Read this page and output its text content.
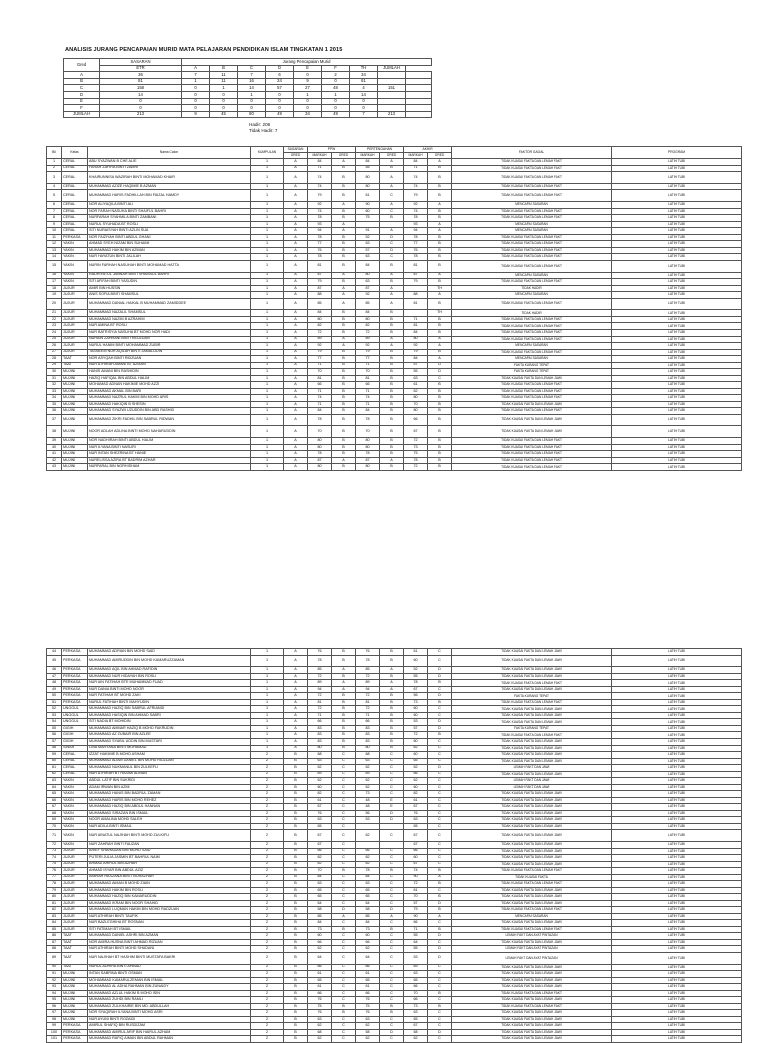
ANALISIS JURANG PENCAPAIAN MURID MATA PELAJARAN PENDIDIKAN ISLAM TINGKATAN 1 2015
Gred	SASARAN	Jurang Pencapaian Murid								
	ETR	A	B	C	D	E	F	TH	JUMLAH	
A	36	7	11	7	6	0	2	34		
B	81	1	11	16	24	9	0	61		
C	158	0	1	14	57	27	48	4	151	
D	14	0	0	1	0	1	1	14		
E	0	0	0	0	0	0	0	0		
F	0	0	0	0	0	0	0	0		
JUMLAH	213	9	45	80	49	34	49	7	213	
Hadir: 206
Tidak Hadir: 7
Bil	Kelas	Nama Calon	KUMPULAN	SASARAN	PPW		PERTENGAHAN		AKHIR		FAKTOR GAGAL	PROGRAM
				GRED	MARKAH	GRED	MARKAH	GRED	MARKAH	GRED		
1	CERAL	ABU SYAZWAN B CHE ALIE	1	A	84	A	84	A	84	A	TIDAK KUASAI FAKTA DAN LEMAH FAKT	LATIH TUBI
2	CERAL	FARAH ZAFIRA BINTI ZAMRI	1	A	71	B	55	B	71	B	TIDAK KUASAI FAKTA DAN LEMAH FAKT	LATIH TUBI
3	CERAL	KHAIRUNNISA WAZIRAH BINTI MOHAMAD KHAIR	1	A	74	B	80	A	74	B	TIDAK KUASAI FAKTA DAN LEMAH FAKT	LATIH TUBI
4	CERAL	MUHAMMAD AZIZE HAQIMIE B AZMAN	1	A	74	B	80	A	74	B	TIDAK KUASAI FAKTA DAN LEMAH FAKT	LATIH TUBI
5	CERAL	MUHAMMAD HARIS FADHILLAH BIN FAIZAL HAMDY	1	A	79	B	61	C	79	B	TIDAK KUASAI FAKTA DAN LEMAH FAKT	LATIH TUBI
6	CERAL	NOR ALIYAQILA BINTI ALI	1	A	92	A	90	A	92	A	MENCAPAI SASARAN	LATIH TUBI
7	CERAL	NOR FARAH NASUHA BINTI SHAIFUL BAHRI	1	A	74	B	60	C	74	B	TIDAK KUASAI FAKTA DAN LEMAH FAKT	LATIH TUBI
8	CERAL	NURFARAH SYAHMILA BINTI ZAMBANI	1	A	78	B	75	B	78	B	TIDAK KUASAI FAKTA DAN LEMAH FAKT	LATIH TUBI
9	CERAL	NURUL SYUHADA BT ROSLI	1	A	93	A			93	A	MENCAPAI SASARAN	LATIH TUBI
10	CERAL	SITI NURAISYAH BINTI AZLIN SUA	1	A	94	A	91	A	94	A	MENCAPAI SASARAN	LATIH TUBI
11	PERKASA	NOR FAIZIYAH BINTI ABDUL GHANI	1	A	78	B	52	D	78	B	TIDAK KUASAI FAKTA DAN LEMAH FAKT	LATIH TUBI
12	YAKIN	AHMAD SYEH NIZAM BIN SUHAIMI	1	A	77	B	63	C	77	B	TIDAK KUASAI FAKTA DAN LEMAH FAKT	LATIH TUBI
13	YAKIN	MUHAMMAD HAKIM BIN AZMAN	1	A	76	B	57	D	76	B	TIDAK KUASAI FAKTA DAN LEMAH FAKT	LATIH TUBI
14	YAKIN	NUR HAYATUN BINTI JALILAH	1	A	78	B	63	C	78	B	TIDAK KUASAI FAKTA DAN LEMAH FAKT	LATIH TUBI
15	YAKIN	NURIN FARHAH NASUHAH BINTI MOHAMAD HATTA	1	A	81	B	84	B	81	B	TIDAK KUASAI FAKTA DAN LEMAH FAKT	LATIH TUBI
16	YAKIN	RADHIYATUL JANNAH BINTI SHAMSUL BAHRI	1	A	87	A	80	A	87	A	MENCAPAI SASARAN	LATIH TUBI
17	YAKIN	SITI AFIFAH BINTI YASUDIN	1	A	79	B	63	B	79	B	TIDAK KUASAI FAKTA DAN LEMAH FAKT	LATIH TUBI
18	JUJUR	AMIR BIN HUSSIN	1	A	87	A	87	A		TH	TIDAK HADIR	LATIH TUBI
19	JUJUR	ANIS SOFIA BINTI SHAMSUL	1	A	88	A	92	A	88	A	MENCAPAI SASARAN	LATIH TUBI
20	JUJUR	MUHAMMAD DANIAL HAIKAL B MUHAMMAD ZAMIDDEE	1	A	85	A	85	A	81	B	TIDAK KUASAI FAKTA DAN LEMAH FAKT	LATIH TUBI
21	JUJUR	MUHAMMAD NAZALIL SHAMSUL	1	A	84	B	84	B		TH	TIDAK HADIR	LATIH TUBI
22	JUJUR	MUHAMMAD NAZIM B AZRAHIM	1	A	80	B	80	B	71	B	TIDAK KUASAI FAKTA DAN LEMAH FAKT	LATIH TUBI
23	JUJUR	NUR AMINA BT ROSLI	1	A	82	B	82	B	81	B	TIDAK KUASAI FAKTA DAN LEMAH FAKT	LATIH TUBI
24	JUJUR	NUR BATRISYIA NASUHA BT MOHD NOR HADI	1	A	72	B	72	B	84	B	TIDAK KUASAI FAKTA DAN LEMAH FAKT	LATIH TUBI
25	JUJUR	NURAIN ZAHRANI BINTI REDZUAN	1	A	89	A	89	A	80	A	TIDAK KUASAI FAKTA DAN LEMAH FAKT	LATIH TUBI
26	JUJUR	NURUL HANIM BINTI MOHAMMAD ZUBIR	1	A	92	A	92	A	92	A	MENCAPAI SASARAN	LATIH TUBI
27	JUJUR	TASNEEM NUR AQILAH BINTI JAMALUDIN	1	A	79	B	79	B	79	B	TIDAK KUASAI FAKTA DAN LEMAH FAKT	LATIH TUBI
28	TAAT	NOR ASYQAH BINTI RIDZUAN	1	A	77	B	77	B	84	A	MENCAPAI SASARAN	LATIH TUBI
29	TAAT	NUR ATHIRAH AMANI BT AZMAN	1	A	71	B	71	B	57	D	FAKTA KURANG TEPAT	LATIH TUBI
30	MUJINI	HANIS AMANI BIN RASHIDIN	1	A	70	B	70	B	55	D	FAKTA KURANG TEPAT	LATIH TUBI
31	MUJINI	HAZIQ HAFIQAL BIN ABDUL HALIM	1	A	81	B	81	B	63	C	TIDAK KUASAI FAKTA DAN LEMAH JAWI	LATIH TUBI
32	MUJINI	MOHAMAD ADNAN HAKIMIE MOHD AZZI	1	A	66	B	66	B	61	B	TIDAK KUASAI FAKTA DAN LEMAH FAKT	LATIH TUBI
33	MUJINI	MUHAMMAD AKMAL BIN BARI	1	A	71	B	71	B	62	B	TIDAK KUASAI FAKTA DAN LEMAH FAKT	LATIH TUBI
34	MUJINI	MUHAMMAD NAZRUL HAKIM BIN MOHD ARIS	1	A	74	B	74	B	80	B	TIDAK KUASAI FAKTA DAN LEMAH FAKT	LATIH TUBI
35	MUJINI	MUHAMMAD HAKIQIN B SHESIN	1	A	71	B	71	B	70	B	TIDAK KUASAI FAKTA DAN LEMAH JAWI	LATIH TUBI
36	MUJINI	MUHAMMAD SYAZWI UZUDDIN BIN ABD RASHID	1	A	84	B	84	B	80	B	TIDAK KUASAI FAKTA DAN LEMAH FAKT	LATIH TUBI
37	MUJINI	MUHAMMAD ZIKRI FADHIL BIN SABRUL RIDWAN	1	A	78	B	78	B	66	B	TIDAK KUASAI FAKTA DAN LEMAH JAWI	LATIH TUBI
38	MUJINI	NOOR ADLAH ADLINA BINTI MOHD NAHARUDDIN	1	A	70	B	70	B	67	B	TIDAK KUASAI FAKTA DAN LEMAH JAWI	LATIH TUBI
39	MUJINI	NOR NADHIRAH BINTI ABDUL HALIM	1	A	80	B	80	B	72	B	TIDAK KUASAI FAKTA DAN LEMAH FAKT	LATIH TUBI
40	MUJINI	NUR ILYANA BINTI NASURI	1	A	80	B	80	B	73	B	TIDAK KUASAI FAKTA DAN LEMAH FAKT	LATIH TUBI
41	MUJINI	NUR INTAN SHEZRINA BT HANIE	1	A	78	B	78	B	75	B	TIDAK KUASAI FAKTA DAN LEMAH FAKT	LATIH TUBI
42	MUJINI	NURELISSA AZIRA BT BADRIM AZHAR	1	A	87	A	87	A	78	B	TIDAK KUASAI FAKTA DAN LEMAH FAKT	LATIH TUBI
43	MUJINI	NURFARAL BIN NORHISHAM	1	A	80	B	80	B	72	B	TIDAK KUASAI FAKTA DAN LEMAH FAKT	LATIH TUBI
44	PERKASA	MUHAMMAD ADRIAN BIN MOHD SAID	1	A	76	B	76	B	61	C	TIDAK KUASAI FAKTA DAN LEMAH JAWI	LATIH TUBI
45	PERKASA	MUHAMMAD AMIRUDDIN BIN MOHD KAMARUZZAMAN	1	A	78	B	78	B	60	C	TIDAK KUASAI FAKTA DAN LEMAH JAWI	LATIH TUBI
46	PERKASA	MUHAMMAD AQIL BIN AHMAD RAFIDIN	1	A	85	A	85	A	52	D	TIDAK KUASAI FAKTA DAN LEMAH JAWI	LATIH TUBI
47	PERKASA	MUHAMMAD NUR HIDAYAH BIN ROSLI	1	A	72	B	72	B	55	D	TIDAK KUASAI FAKTA DAN LEMAH JAWI	LATIH TUBI
48	PERKASA	NUR AIN FATIHAH BTE MUHAMMAD FUAD	1	A	89	A	89	A	78	B	TIDAK KUASAI FAKTA DAN LEMAH FAKT	LATIH TUBI
49	PERKASA	NUR DANIA BINTI MOHD NOOR	1	A	94	A	94	A	67	C	TIDAK KUASAI FAKTA DAN LEMAH JAWI	LATIH TUBI
50	PERKASA	NUR FATIHAH BT MOHD ZAKI	1	A	72	B	72	B	56	D	FAKTA KURANG TEPAT	LATIH TUBI
51	PERKASA	NURUL FATIHAH BINTI MAHYUDIN	1	A	81	B	81	B	73	B	TIDAK KUASAI FAKTA DAN LEMAH FAKT	LATIH TUBI
52	UNGGUL	MUHAMMAD HAZIQ BIN SABRUL AFRIANDI	1	A	72	B	72	B	60	C	TIDAK KUASAI FAKTA DAN LEMAH JAWI	LATIH TUBI
53	UNGGUL	MUHAMMAD HASIQIN BIN AHMAD SABRI	1	A	71	B	71	B	60	C	TIDAK KUASAI FAKTA DAN LEMAH JAWI	LATIH TUBI
54	UNGGUL	SITI NADIA BT MOHIDIN	1	A	66	B	66	B	53	D	TIDAK KUASAI FAKTA DAN LEMAH JAWI	LATIH TUBI
55	GIGIH	MUHAMMAD AMMAR HAZIQ B MOHD FAKRUDIN	1	A	83	B	83	B	57	D	FAKTA KURANG TEPAT	LATIH TUBI
56	GIGIH	MUHAMMAD AZ ZUBAIR BIN AZLEE	1	A	83	B	83	B	72	B	TIDAK KUASAI FAKTA DAN LEMAH FAKT	LATIH TUBI
57	GIGIH	MUHAMMAD SYABIL UDDIN BIN MUSTARI	1	A	83	B	83	B	60	C	TIDAK KUASAI FAKTA DAN LEMAH JAWI	LATIH TUBI
58	SINAR	LINA MARYANA BINTI MOHAMAD	1	A	80	B	80	B	62	C	TIDAK KUASAI FAKTA DAN LEMAH JAWI	LATIH TUBI
59	CERAL	IZZAT HAKIMIE B MOHD ASHAM	2	B	68	C	68	C	60	C	TIDAK KUASAI FAKTA DAN LEMAH JAWI	LATIH TUBI
60	CERAL	MUHAMMAD ADAM DANIEL BIN MOHD RIDZUAN	2	B	63	C	63	C	65	C	TIDAK KUASAI FAKTA DAN LEMAH JAWI	LATIH TUBI
61	CERAL	MUHAMMAD NUKMANUL BIN ZULKEFLI	2	B	62	C	62	C	52	D	LEMAH FAKT DAN JAWI	LATIH TUBI
62	CERAL	NUR ATHIRAH BT HASIMI ADNAN	2	B	69	C	69	C	66	C	TIDAK KUASAI FAKTA DAN LEMAH JAWI	LATIH TUBI
63	YAKIN	ABDUL LATIF BIN SUKRIDI	2	B	62	C	62	C	62	C	LEMAH FAKT DAN JAWI	LATIH TUBI
64	YAKIN	ADAM IRWAN BIN AZMI	2	B	60	C	62	C	60	C	LEMAH FAKT DAN JAWI	LATIH TUBI
65	YAKIN	MUHAMMAD HANIS BIN BADRUL ZAMAN	2	B	82	C	73	C	82	C	TIDAK KUASAI FAKTA DAN LEMAH JAWI	LATIH TUBI
66	YAKIN	MUHAMMAD HARIS BIN MOHD REHEZ	2	B	61	C	48	E	61	C	TIDAK KUASAI FAKTA DAN LEMAH JAWI	LATIH TUBI
67	YAKIN	MUHAMMAD HAZIQ BIN ABDUL HANNAN	2	B	67	C	48	E	67	C	TIDAK KUASAI FAKTA DAN LEMAH JAWI	LATIH TUBI
68	YAKIN	MUHAMMAD SIRAZAN BIN ISMAIL	2	B	76	C	56	D	76	C	TIDAK KUASAI FAKTA DAN LEMAH JAWI	LATIH TUBI
69	YAKIN	NOOR AMALINA MOHD SALEH	2	B	63	C	53	D	63	C	TIDAK KUASAI FAKTA DAN LEMAH JAWI	LATIH TUBI
70	YAKIN	NUR ADILA BINTI ISMAIL	2	B	65	C			65	C	TIDAK KUASAI FAKTA DAN LEMAH JAWI	LATIH TUBI
71	YAKIN	NUR AINATUL NAJIHAH BINTI MOHD ZULKIFLI	2	B	67	C	62	C	67	C	TIDAK KUASAI FAKTA DAN LEMAH JAWI	LATIH TUBI
72	YAKIN	NUR ZAHRAH BINTI FAUZAN	2	B	67	C			67	C	TIDAK KUASAI FAKTA DAN LEMAH JAWI	LATIH TUBI
73	JUJUR	ARIEF SHAHADAN BIN MOHD SAID	2	B	66	C	66	C	66	C	TIDAK KUASAI FAKTA DAN LEMAH JAWI	LATIH TUBI
74	JUJUR	PUTERI JULIA JASMIN BT BAHRUL NAIM	2	B	82	C	82	C	60	C	TIDAK KUASAI FAKTA DAN LEMAH JAWI	LATIH TUBI
75	JUJUR	AHMAD AHIRUL BIN AZHAR	2	B	62	C	62	C	67	C	TIDAK KUASAI FAKTA DAN LEMAH JAWI	LATIH TUBI
76	JUJUR	AHMAD ISYAR BIN ABDUL AZIZ	2	B	70	B	78	B	74	B	TIDAK KUASAI FAKTA DAN LEMAH FAKT	LATIH TUBI
77	JUJUR	AMIRAH HASZANA BINTI NORAZHAR	2	B	84	C	84	C	90	A	TIDAK KUASAI FAKTA	LATIH TUBI
78	JUJUR	MUHAMMAD AIMAN B MOHD ZIAIN	2	B	63	C	63	C	72	B	TIDAK KUASAI FAKTA DAN LEMAH FAKT	LATIH TUBI
79	JUJUR	MUHAMMAD HAKIM BIN ROSLI	2	B	65	C	65	C	61	C	TIDAK KUASAI FAKTA DAN LEMAH JAWI	LATIH TUBI
80	JUJUR	MUHAMMAD HAZIQ BIN KAMARUDDIN	2	B	65	C	65	C	70	B	TIDAK KUASAI FAKTA DAN LEMAH JAWI	LATIH TUBI
81	JUJUR	MUHAMMAD IKRAM BIN NOOR SHAHID	2	B	64	C	64	C	57	D	TIDAK KUASAI FAKTA DAN LEMAH JAWI	LATIH TUBI
82	JUJUR	MUHAMMAD LUQMAN HAKIM BIN MOHD RADZUAN	2	B	58	D	58	D	79	B	TIDAK KUASAI FAKTA DAN LEMAH FAKT	LATIH TUBI
83	JUJUR	NUR ATHIRAH BINTI TAUFIK	2	B	85	A	85	A	90	A	MENCAPAI SASARAN	LATIH TUBI
84	JUJUR	NUR BAZLEGHIHA BT ROSNAN	2	B	84	C	84	C	66	C	TIDAK KUASAI FAKTA DAN LEMAH JAWI	LATIH TUBI
85	JUJUR	SITI FATIMAH BT ISMAIL	2	B	73	B	73	B	71	B	TIDAK KUASAI FAKTA DAN LEMAH FAKT	LATIH TUBI
86	TAAT	MUHAMMAD DANIEL ASHRI BIN AZMAN	2	B	60	C	60	C	55	D	LEMAH FAKT DAN AYAT PINTAZAN	LATIH TUBI
87	TAAT	NOR AMIRA HUSNA BINTI AHMAD RIZUAN	2	B	66	C	66	C	64	C	TIDAK KUASAI FAKTA DAN LEMAH JAWI	LATIH TUBI
88	TAAT	NUR ATHIRAH BINTI MOHD SHUDANI	2	B	62	C	62	C	55	D	LEMAH FAKT DAN AYAT PINTAZAN	LATIH TUBI
89	TAAT	NUR NAJIHAH BT HASHIM BINTI MUSTAFA BAKRI	2	B	64	C	64	C	53	D	LEMAH FAKT DAN AYAT PINTAZAN	LATIH TUBI
90	TAAT	NURUL ADHIRA BINTI AHMAD	2	B	66	C	66	C	69	C	TIDAK KUASAI FAKTA DAN LEMAH JAWI	LATIH TUBI
91	MUJINI	INTAN SABRINA BINTI OSMAN	2	B	61	C	61	C	63	C	TIDAK KUASAI FAKTA DAN LEMAH JAWI	LATIH TUBI
92	MUJINI	MOHAMMAD KAMARULZEMAN BIN ISMAIL	2	B	65	C	65	C	65	C	TIDAK KUASAI FAKTA DAN LEMAH JAWI	LATIH TUBI
93	MUJINI	MUHAMMAD AL ADHA RAHMAN BIN ZUNAIDY	2	B	61	C	61	C	66	C	TIDAK KUASAI FAKTA DAN LEMAH JAWI	LATIH TUBI
94	MUJINI	MUHAMMAD AZLUL HAKIM B MOHD ISIN	2	B	66	C	66	C	70	B	TIDAK KUASAI FAKTA DAN LEMAH FAKT	LATIH TUBI
95	MUJINI	MUHAMMAD ZUHDI BIN RAMLI	2	B	76	C	76	C	66	C	TIDAK KUASAI FAKTA DAN LEMAH JAWI	LATIH TUBI
96	MUJINI	MUHAMMAD ZULKHAIRIE BIN MD. ABDULLAH	2	B	75	B	75	B	73	B	TIDAK KUASAI FAKTA DAN LEMAH FAKT	LATIH TUBI
97	MUJINI	NOR SYAQIRAH ILYANA BINTI MOHD ASRI	2	B	76	B	76	B	63	C	TIDAK KUASAI FAKTA DAN LEMAH JAWI	LATIH TUBI
98	MUJINI	NUR AYUNI BINTI ROZAIDI	2	B	63	C	63	C	65	C	TIDAK KUASAI FAKTA DAN LEMAH JAWI	LATIH TUBI
99	PERKASA	AMIRUL SHAFIQ BIN RUSDIZAM	2	B	62	C	62	C	67	C	TIDAK KUASAI FAKTA DAN LEMAH JAWI	LATIH TUBI
100	PERKASA	MUHAMMAD AMIRUL ARIF BIN HAIRUL AZHAM	2	B	68	C	58	D	58	D	TIDAK KUASAI FAKTA DAN LEMAH JAWI	LATIH TUBI
101	PERKASA	MUHAMMAD RAFIQ AIMAN BIN ABDUL RAHMAN	2	B	62	C	62	C	62	C	TIDAK KUASAI FAKTA DAN LEMAH JAWI	LATIH TUBI
